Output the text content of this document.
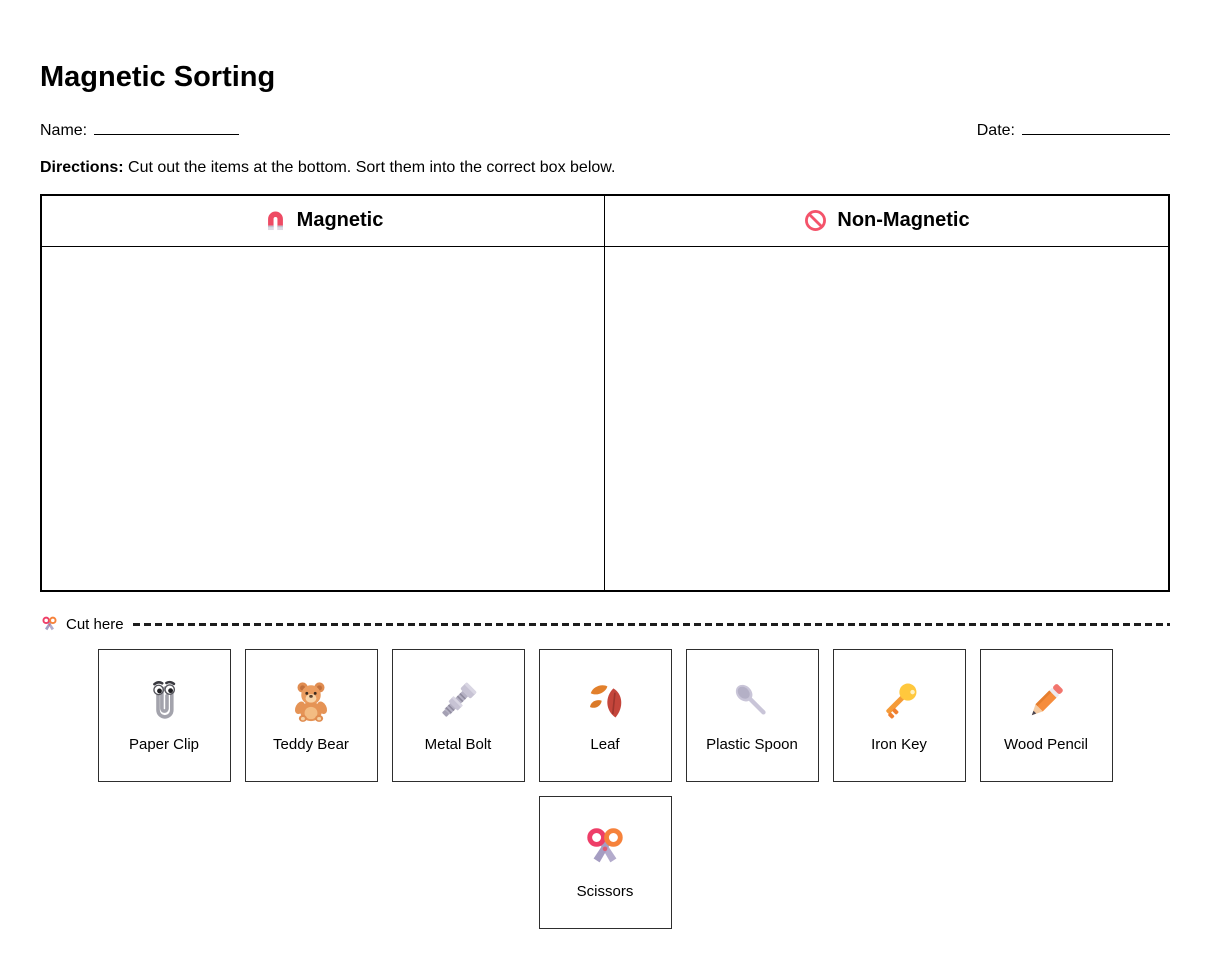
Magnetic Sorting
Name:	Date:
Directions: Cut out the items at the bottom. Sort them into the correct box below.
Magnetic	Non-Magnetic
Cut here
Paper Clip	Teddy Bear	Metal Bolt	Leaf	Plastic Spoon	Iron Key	Wood Pencil
Scissors
